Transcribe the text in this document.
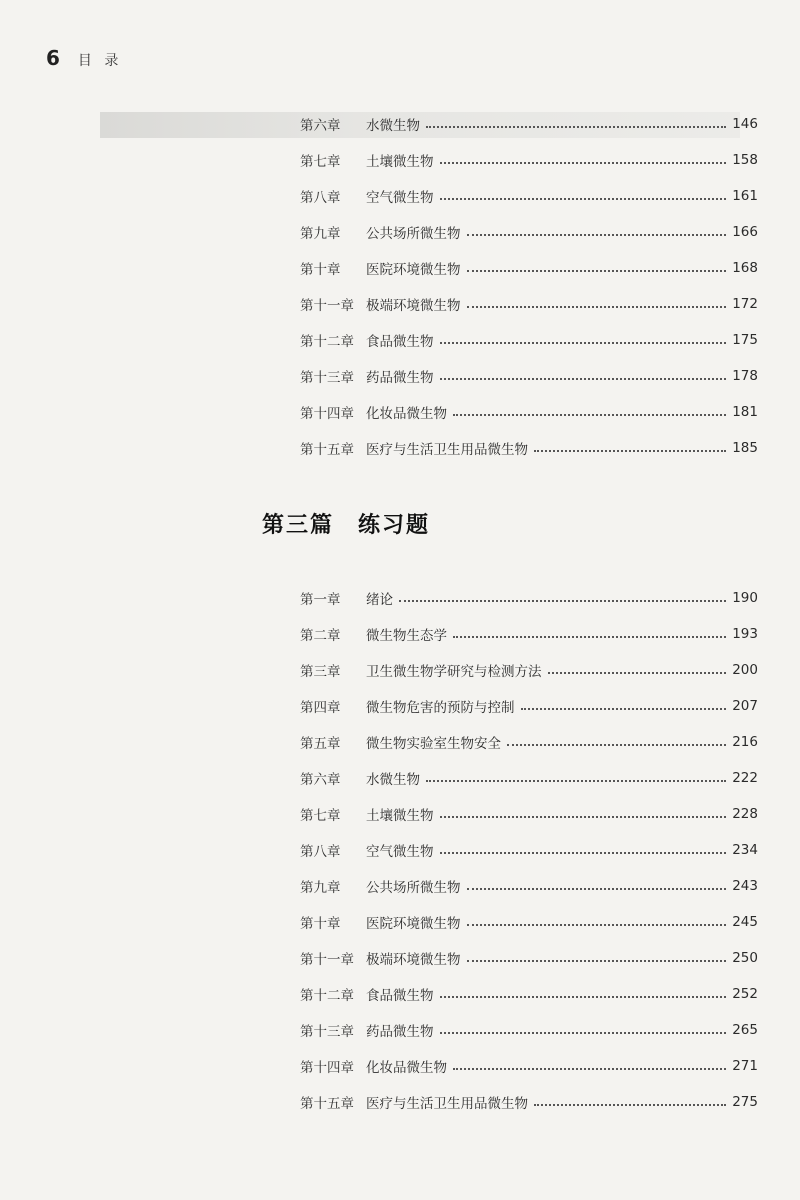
6 目 录
第六章	水微生物	146
第七章	土壤微生物	158
第八章	空气微生物	161
第九章	公共场所微生物	166
第十章	医院环境微生物	168
第十一章 极端环境微生物	172
第十二章 食品微生物	175
第十三章 药品微生物	178
第十四章 化妆品微生物	181
第十五章 医疗与生活卫生用品微生物	185
第三篇　练习题
第一章	绪论	190
第二章	微生物生态学	193
第三章	卫生微生物学研究与检测方法	200
第四章	微生物危害的预防与控制	207
第五章	微生物实验室生物安全	216
第六章	水微生物	222
第七章	土壤微生物	228
第八章	空气微生物	234
第九章	公共场所微生物	243
第十章	医院环境微生物	245
第十一章 极端环境微生物	250
第十二章 食品微生物	252
第十三章 药品微生物	265
第十四章 化妆品微生物	271
第十五章 医疗与生活卫生用品微生物	275
